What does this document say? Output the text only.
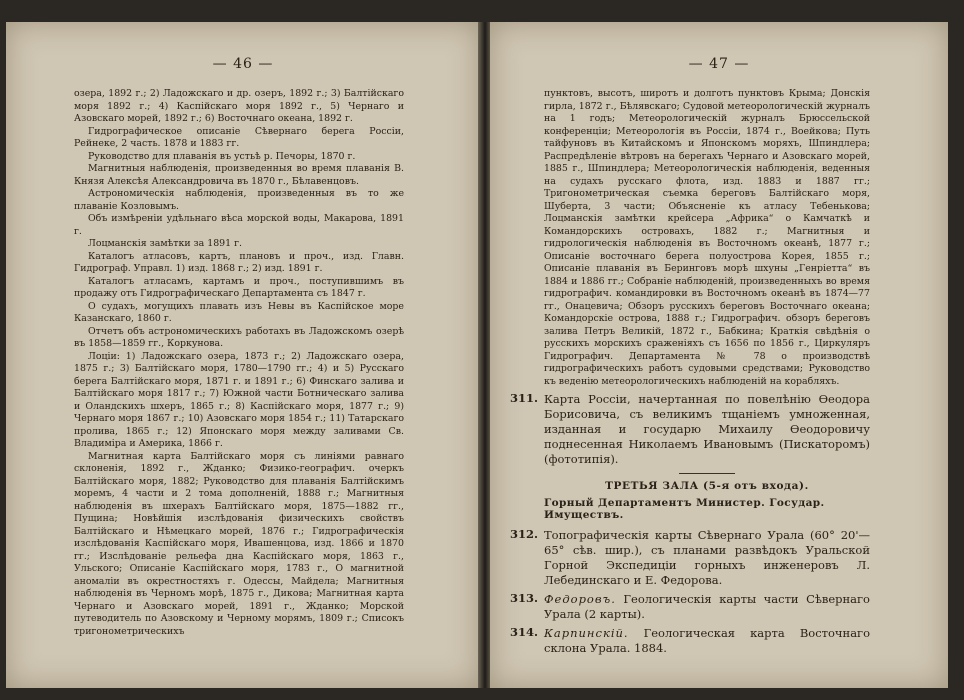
— 46 —

озера, 1892 г.; 2) Ладожскаго и др. озеръ, 1892 г.; 3) Балтійскаго моря 1892 г.; 4) Каспійскаго моря 1892 г., 5) Чернаго и Азовскаго морей, 1892 г.; 6) Восточнаго океана, 1892 г.

Гидрографическое описаніе Сѣвернаго берега Россіи, Рейнеке, 2 часть. 1878 и 1883 гг.

Руководство для плаванія въ устьѣ р. Печоры, 1870 г.

Магнитныя наблюденія, произведенныя во время плаванія В. Князя Алексѣя Александровича въ 1870 г., Бѣлавенцовъ.

Астрономическія наблюденія, произведенныя въ то же плаваніе Козловымъ.

Объ измѣреніи удѣльнаго вѣса морской воды, Макарова, 1891 г.

Лоцманскія замѣтки за 1891 г.

Каталогъ атласовъ, картъ, плановъ и проч., изд. Главн. Гидрограф. Управл. 1) изд. 1868 г.; 2) изд. 1891 г.

Каталогъ атласамъ, картамъ и проч., поступившимъ въ продажу отъ Гидрографическаго Департамента съ 1847 г.

О судахъ, могущихъ плавать изъ Невы въ Каспійское море Казанскаго, 1860 г.

Отчетъ объ астрономическихъ работахъ въ Ладожскомъ озерѣ въ 1858—1859 гг., Коркунова.

Лоціи: 1) Ладожскаго озера, 1873 г.; 2) Ладожскаго озера, 1875 г.; 3) Балтійскаго моря, 1780—1790 гг.; 4) и 5) Русскаго берега Балтійскаго моря, 1871 г. и 1891 г.; 6) Финскаго залива и Балтійскаго моря 1817 г.; 7) Южной части Ботническаго залива и Оландскихъ шхеръ, 1865 г.; 8) Каспійскаго моря, 1877 г.; 9) Чернаго моря 1867 г.; 10) Азовскаго моря 1854 г.; 11) Татарскаго пролива, 1865 г.; 12) Японскаго моря между заливами Св. Владиміра и Америка, 1866 г.

Магнитная карта Балтійскаго моря съ линіями равнаго склоненія, 1892 г., Жданко; Физико-географич. очеркъ Балтійскаго моря, 1882; Руководство для плаванія Балтійскимъ моремъ, 4 части и 2 тома дополненій, 1888 г.; Магнитныя наблюденія въ шхерахъ Балтійскаго моря, 1875—1882 гг., Пущина; Новѣйшія изслѣдованія физическихъ свойствъ Балтійскаго и Нѣмецкаго морей, 1876 г.; Гидрографическія изслѣдованія Каспійскаго моря, Ивашенцова, изд. 1866 и 1870 гг.; Изслѣдованіе рельефа дна Каспійскаго моря, 1863 г., Ульского; Описаніе Каспійскаго моря, 1783 г., О магнитной аномаліи въ окрестностяхъ г. Одессы, Майдела; Магнитныя наблюденія въ Черномъ морѣ, 1875 г., Дикова; Магнитная карта Чернаго и Азовскаго морей, 1891 г., Жданко; Морской путеводитель по Азовскому и Черному морямъ, 1809 г.; Списокъ тригонометрическихъ

— 47 —

пунктовъ, высотъ, широтъ и долготъ пунктовъ Крыма; Донскія гирла, 1872 г., Бѣлявскаго; Судовой метеорологическій журналъ на 1 годъ; Метеорологическій журналъ Брюссельской конференціи; Метеорологія въ Россіи, 1874 г., Воейкова; Путь тайфуновъ въ Китайскомъ и Японскомъ моряхъ, Шпиндлера; Распредѣленіе вѣтровъ на берегахъ Чернаго и Азовскаго морей, 1885 г., Шпиндлера; Метеорологическія наблюденія, веденныя на судахъ русскаго флота, изд. 1883 и 1887 гг.; Тригонометрическая съемка береговъ Балтійскаго моря, Шуберта, 3 части; Объясненіе къ атласу Тебенькова; Лоцманскія замѣтки крейсера „Африка“ о Камчаткѣ и Командорскихъ островахъ, 1882 г.; Магнитныя и гидрологическія наблюденія въ Восточномъ океанѣ, 1877 г.; Описаніе восточнаго берега полуострова Корея, 1855 г.; Описаніе плаванія въ Беринговъ морѣ шхуны „Генріетта“ въ 1884 и 1886 гг.; Собраніе наблюденій, произведенныхъ во время гидрографич. командировки въ Восточномъ океанѣ въ 1874—77 гг., Онацевича; Обзоръ русскихъ береговъ Восточнаго океана; Командорскіе острова, 1888 г.; Гидрографич. обзоръ береговъ залива Петръ Великій, 1872 г., Бабкина; Краткія свѣдѣнія о русскихъ морскихъ сраженіяхъ съ 1656 по 1856 г., Циркуляръ Гидрографич. Департамента № 78 о производствѣ гидрографическихъ работъ судовыми средствами; Руководство къ веденію метеорологическихъ наблюденій на корабляхъ.

311. Карта Россіи, начертанная по повелѣнію Ѳеодора Борисовича, съ великимъ тщаніемъ умноженная, изданная и государю Михаилу Ѳеодоровичу поднесенная Николаемъ Ивановымъ (Пискаторомъ) (фототипія).
ТРЕТЬЯ ЗАЛА (5-я отъ входа).
Горный Департаментъ Министер. Государ. Имуществъ.
312. Топографическія карты Сѣвернаго Урала (60° 20'—65° сѣв. шир.), съ планами развѣдокъ Уральской Горной Экспедиціи горныхъ инженеровъ Л. Лебединскаго и Е. Федорова.
313. Федоровъ. Геологическія карты части Сѣвернаго Урала (2 карты).
314. Карпинскій. Геологическая карта Восточнаго склона Урала. 1884.
